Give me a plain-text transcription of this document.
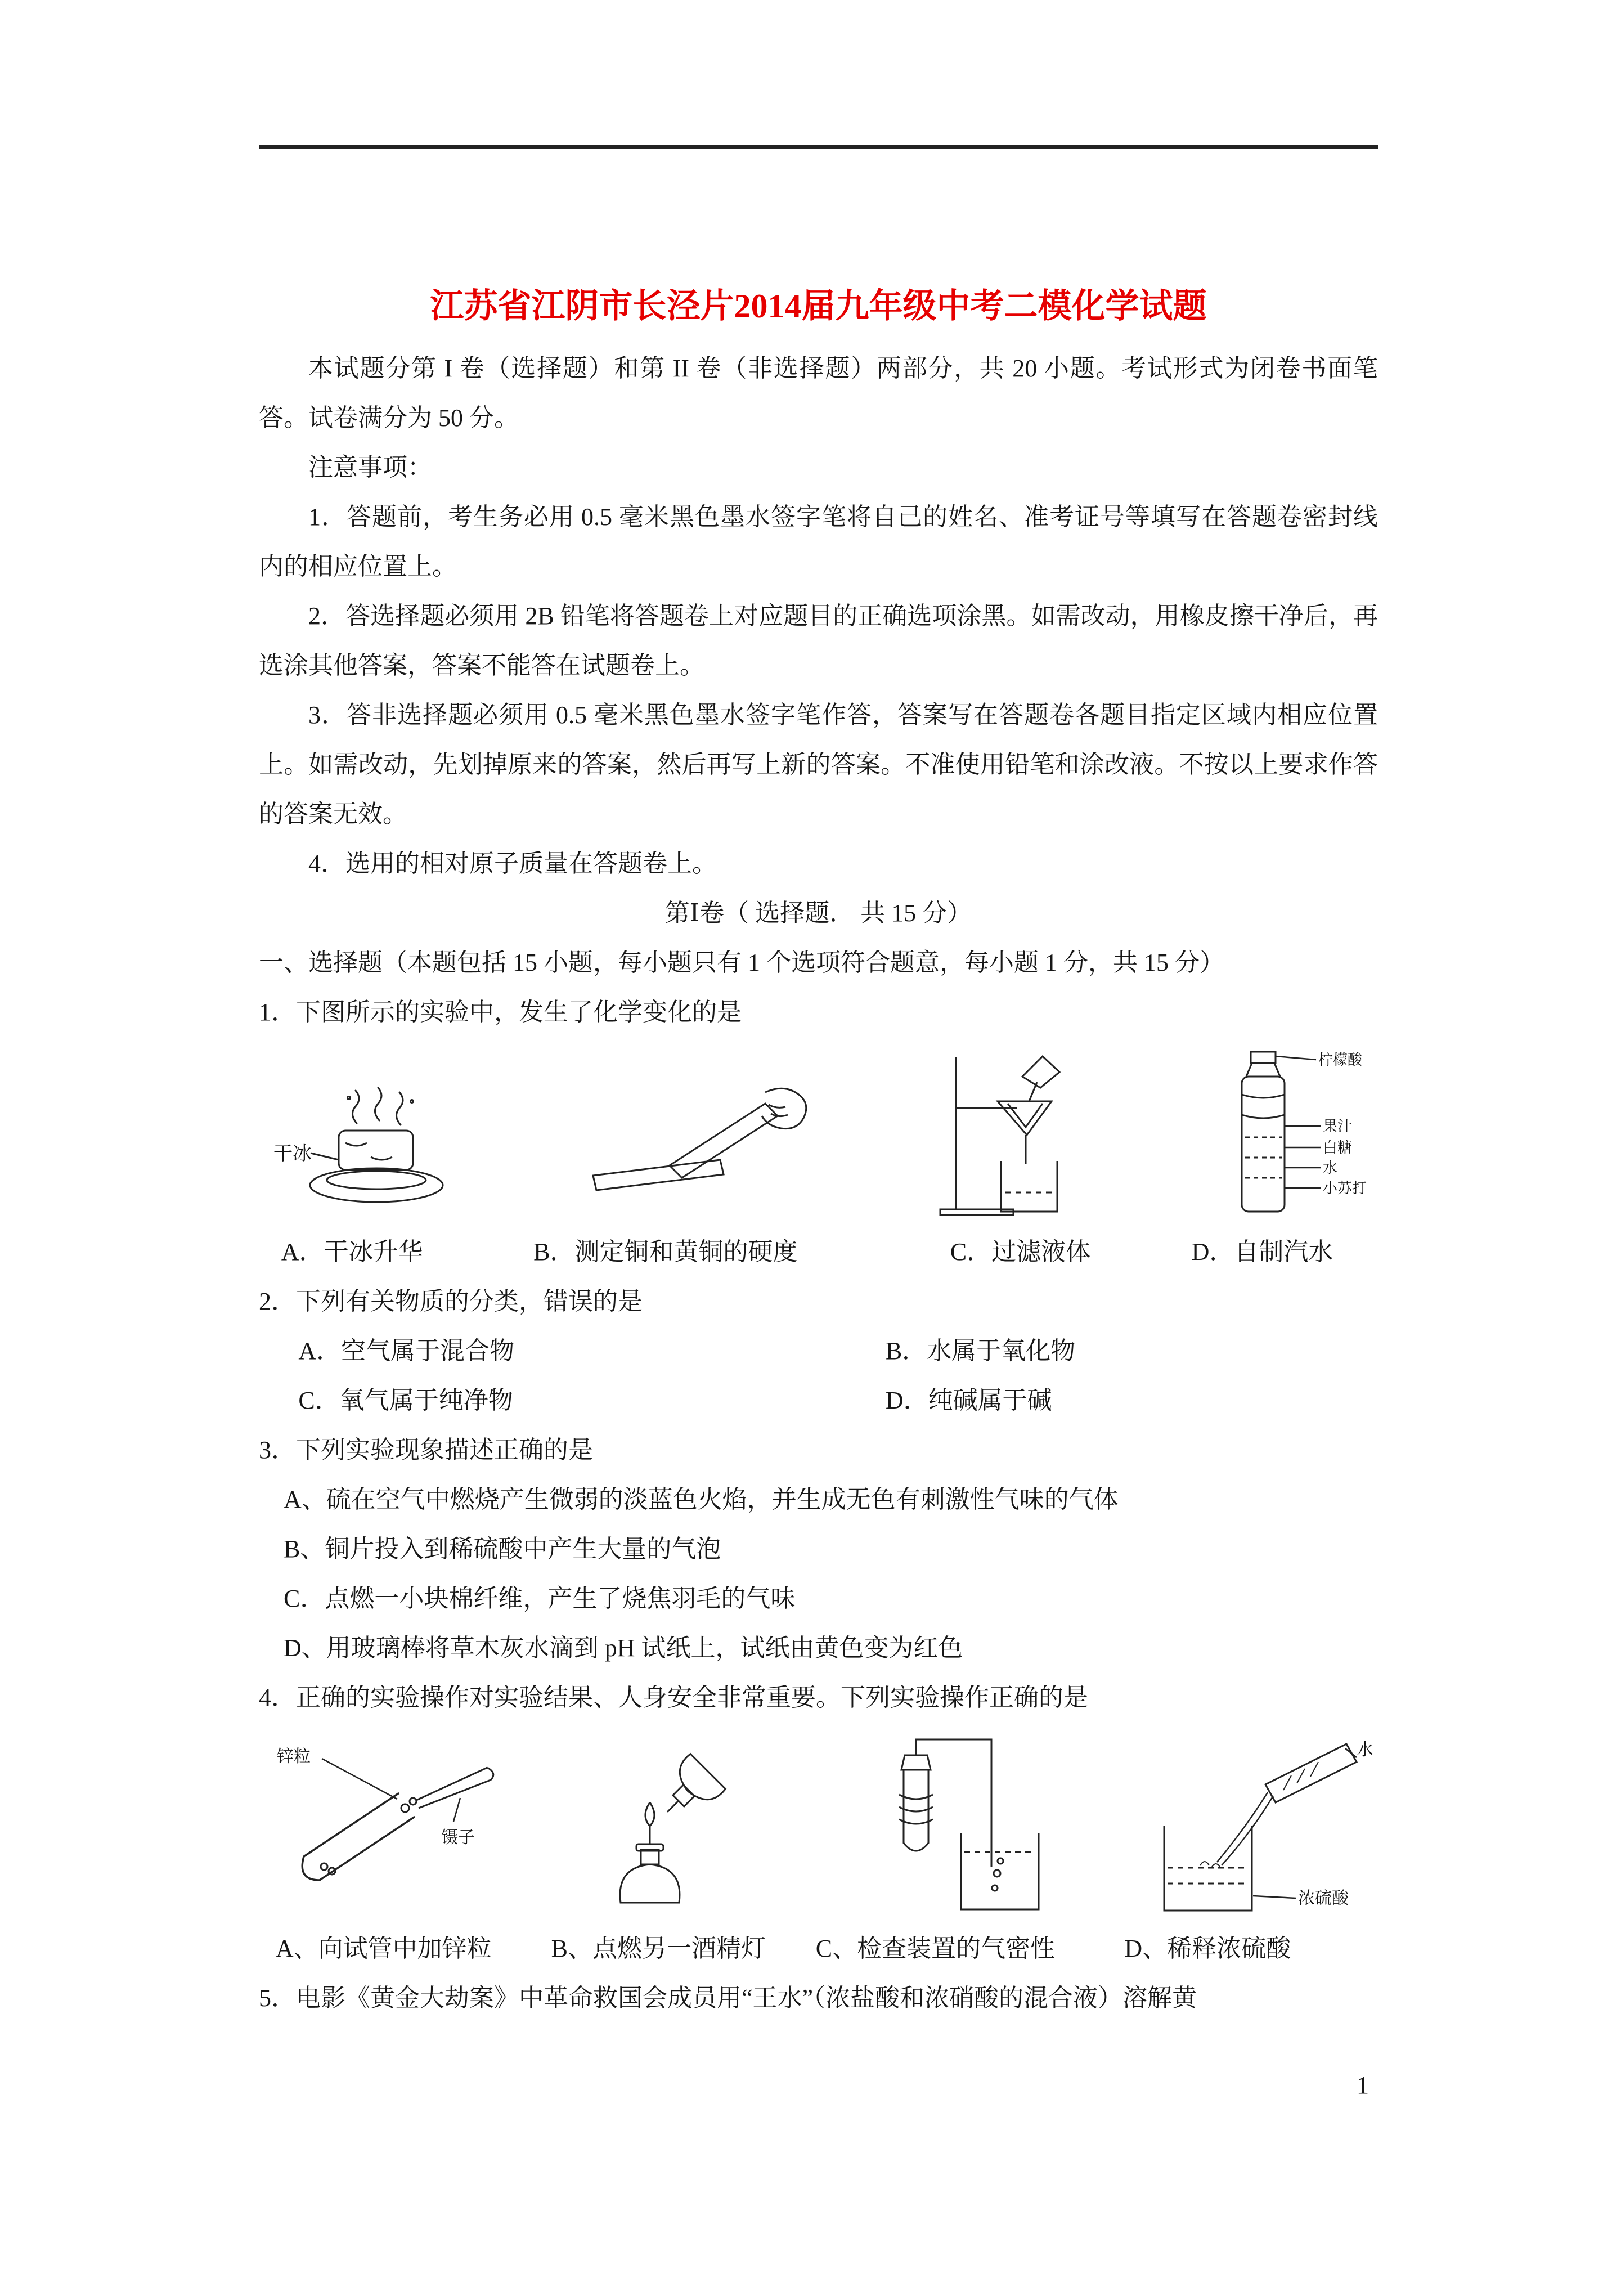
江苏省江阴市长泾片2014届九年级中考二模化学试题

本试题分第 I 卷（选择题）和第 II 卷（非选择题）两部分，共 20 小题。考试形式为闭卷书面笔答。试卷满分为 50 分。

注意事项：

1．答题前，考生务必用 0.5 毫米黑色墨水签字笔将自己的姓名、准考证号等填写在答题卷密封线内的相应位置上。

2．答选择题必须用 2B 铅笔将答题卷上对应题目的正确选项涂黑。如需改动，用橡皮擦干净后，再选涂其他答案，答案不能答在试题卷上。

3．答非选择题必须用 0.5 毫米黑色墨水签字笔作答，答案写在答题卷各题目指定区域内相应位置上。如需改动，先划掉原来的答案，然后再写上新的答案。不准使用铅笔和涂改液。不按以上要求作答的答案无效。

4．选用的相对原子质量在答题卷上。

第Ⅰ卷（ 选择题． 共 15 分）

一、选择题（本题包括 15 小题，每小题只有 1 个选项符合题意，每小题 1 分，共 15 分）

1．下图所示的实验中，发生了化学变化的是

干冰
柠檬酸
果汁
白糖
水
小苏打
A．干冰升华	B．测定铜和黄铜的硬度	C．过滤液体	D．自制汽水

2．下列有关物质的分类，错误的是

A．空气属于混合物	B．水属于氧化物
C．氧气属于纯净物	D．纯碱属于碱

3．下列实验现象描述正确的是

A、硫在空气中燃烧产生微弱的淡蓝色火焰，并生成无色有刺激性气味的气体

B、铜片投入到稀硫酸中产生大量的气泡

C．点燃一小块棉纤维，产生了烧焦羽毛的气味

D、用玻璃棒将草木灰水滴到 pH 试纸上，试纸由黄色变为红色

4．正确的实验操作对实验结果、人身安全非常重要。下列实验操作正确的是

锌粒
镊子
水
浓硫酸
A、向试管中加锌粒	B、点燃另一酒精灯	C、检查装置的气密性	D、稀释浓硫酸

5．电影《黄金大劫案》中革命救国会成员用“王水”（浓盐酸和浓硝酸的混合液）溶解黄

1
